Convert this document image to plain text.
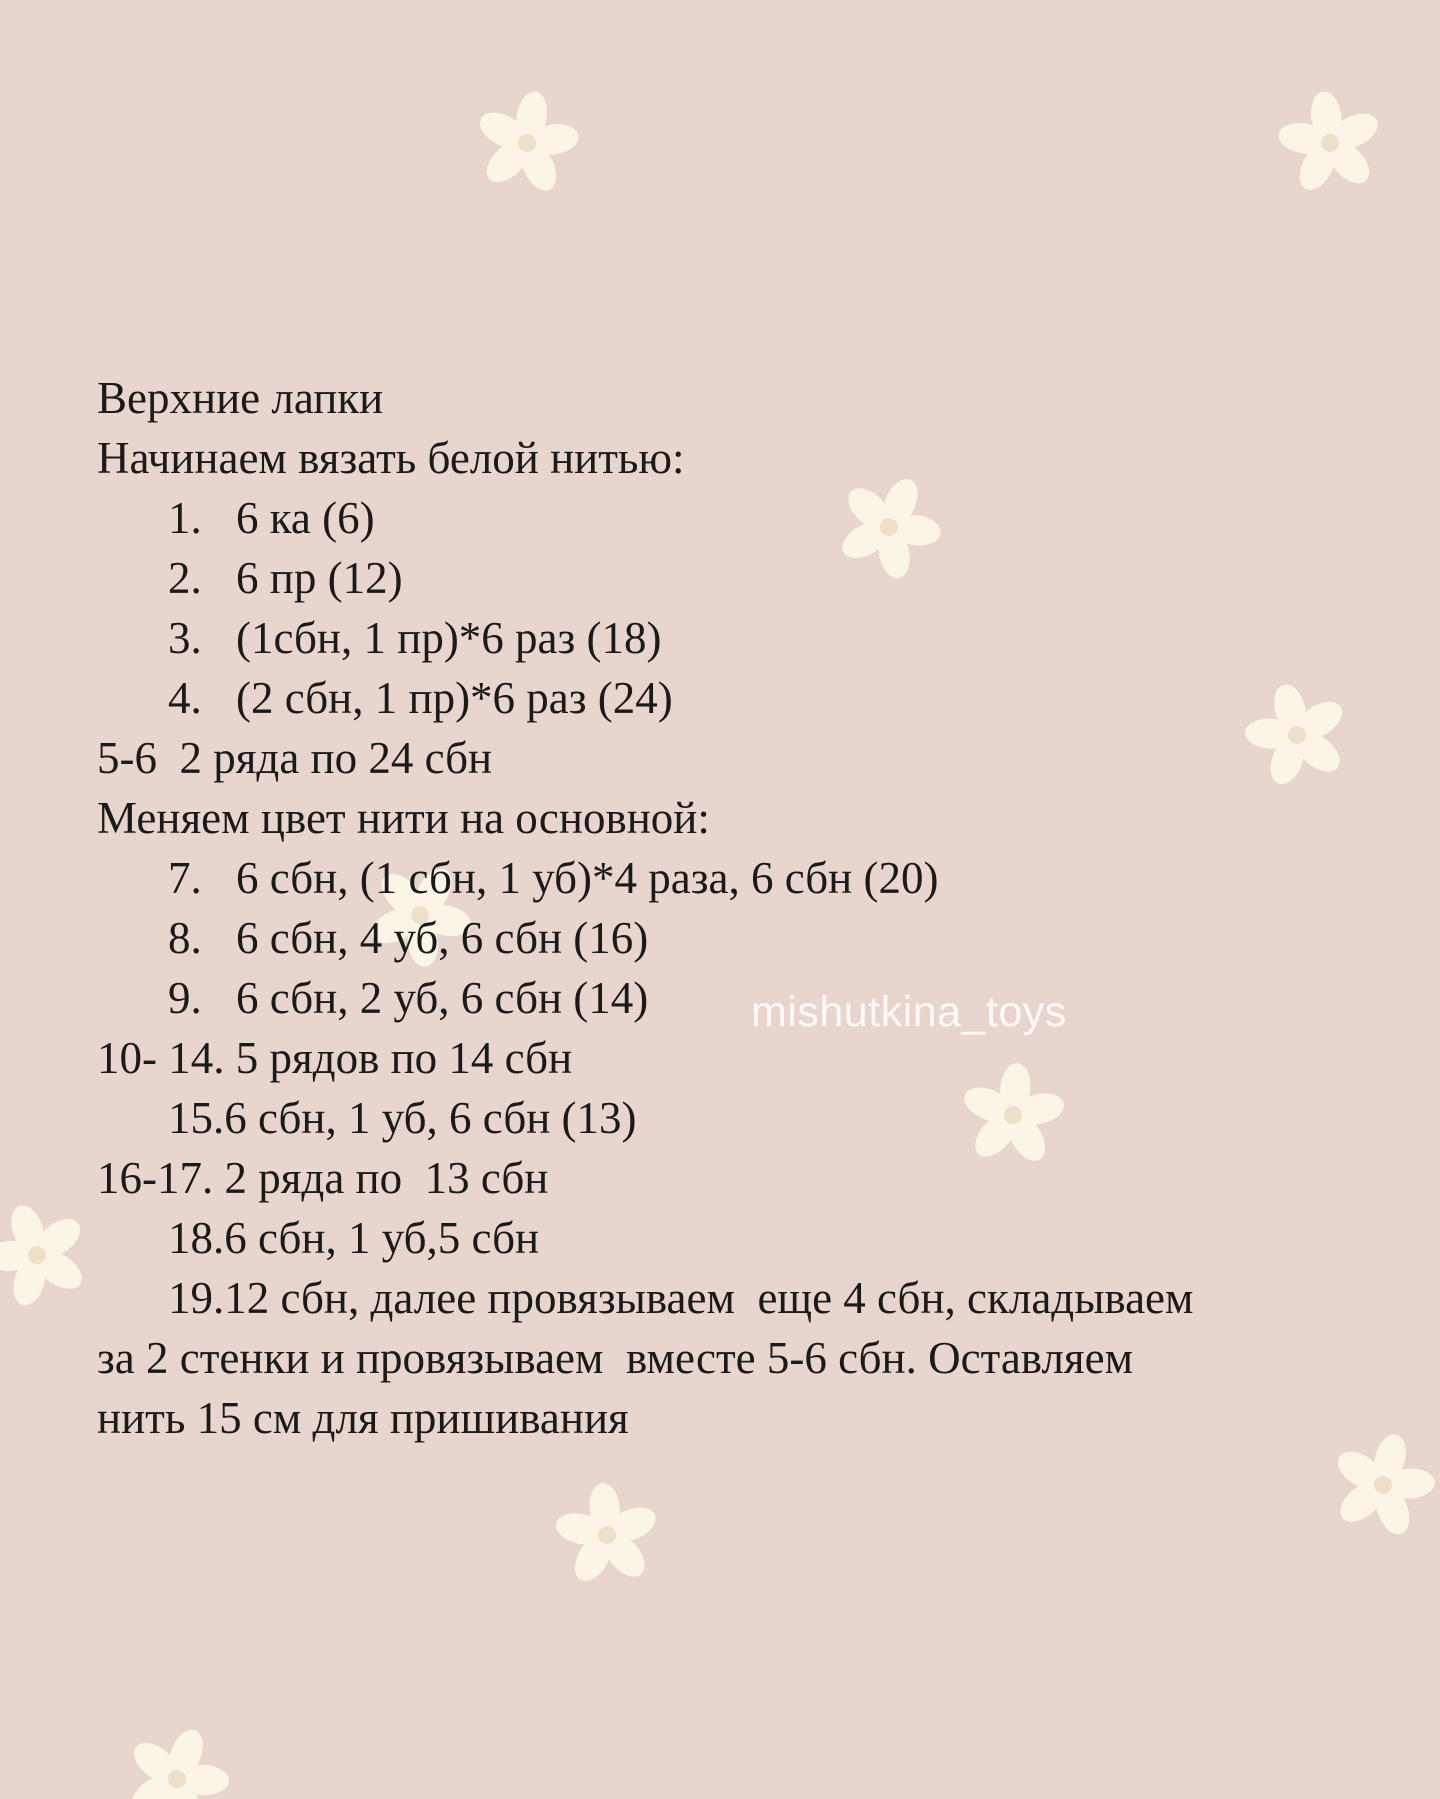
Верхние лапки
Начинаем вязать белой нитью:
1. 6 ка (6)
2. 6 пр (12)
3. (1сбн, 1 пр)*6 раз (18)
4. (2 сбн, 1 пр)*6 раз (24)
5-6  2 ряда по 24 сбн
Меняем цвет нити на основной:
7. 6 сбн, (1 сбн, 1 уб)*4 раза, 6 сбн (20)
8. 6 сбн, 4 уб, 6 сбн (16)
9. 6 сбн, 2 уб, 6 сбн (14)
10- 14. 5 рядов по 14 сбн
15.6 сбн, 1 уб, 6 сбн (13)
16-17. 2 ряда по  13 сбн
18.6 сбн, 1 уб,5 сбн
19.12 сбн, далее провязываем  еще 4 сбн, складываем
за 2 стенки и провязываем  вместе 5-6 сбн. Оставляем
нить 15 см для пришивания
mishutkina_toys
